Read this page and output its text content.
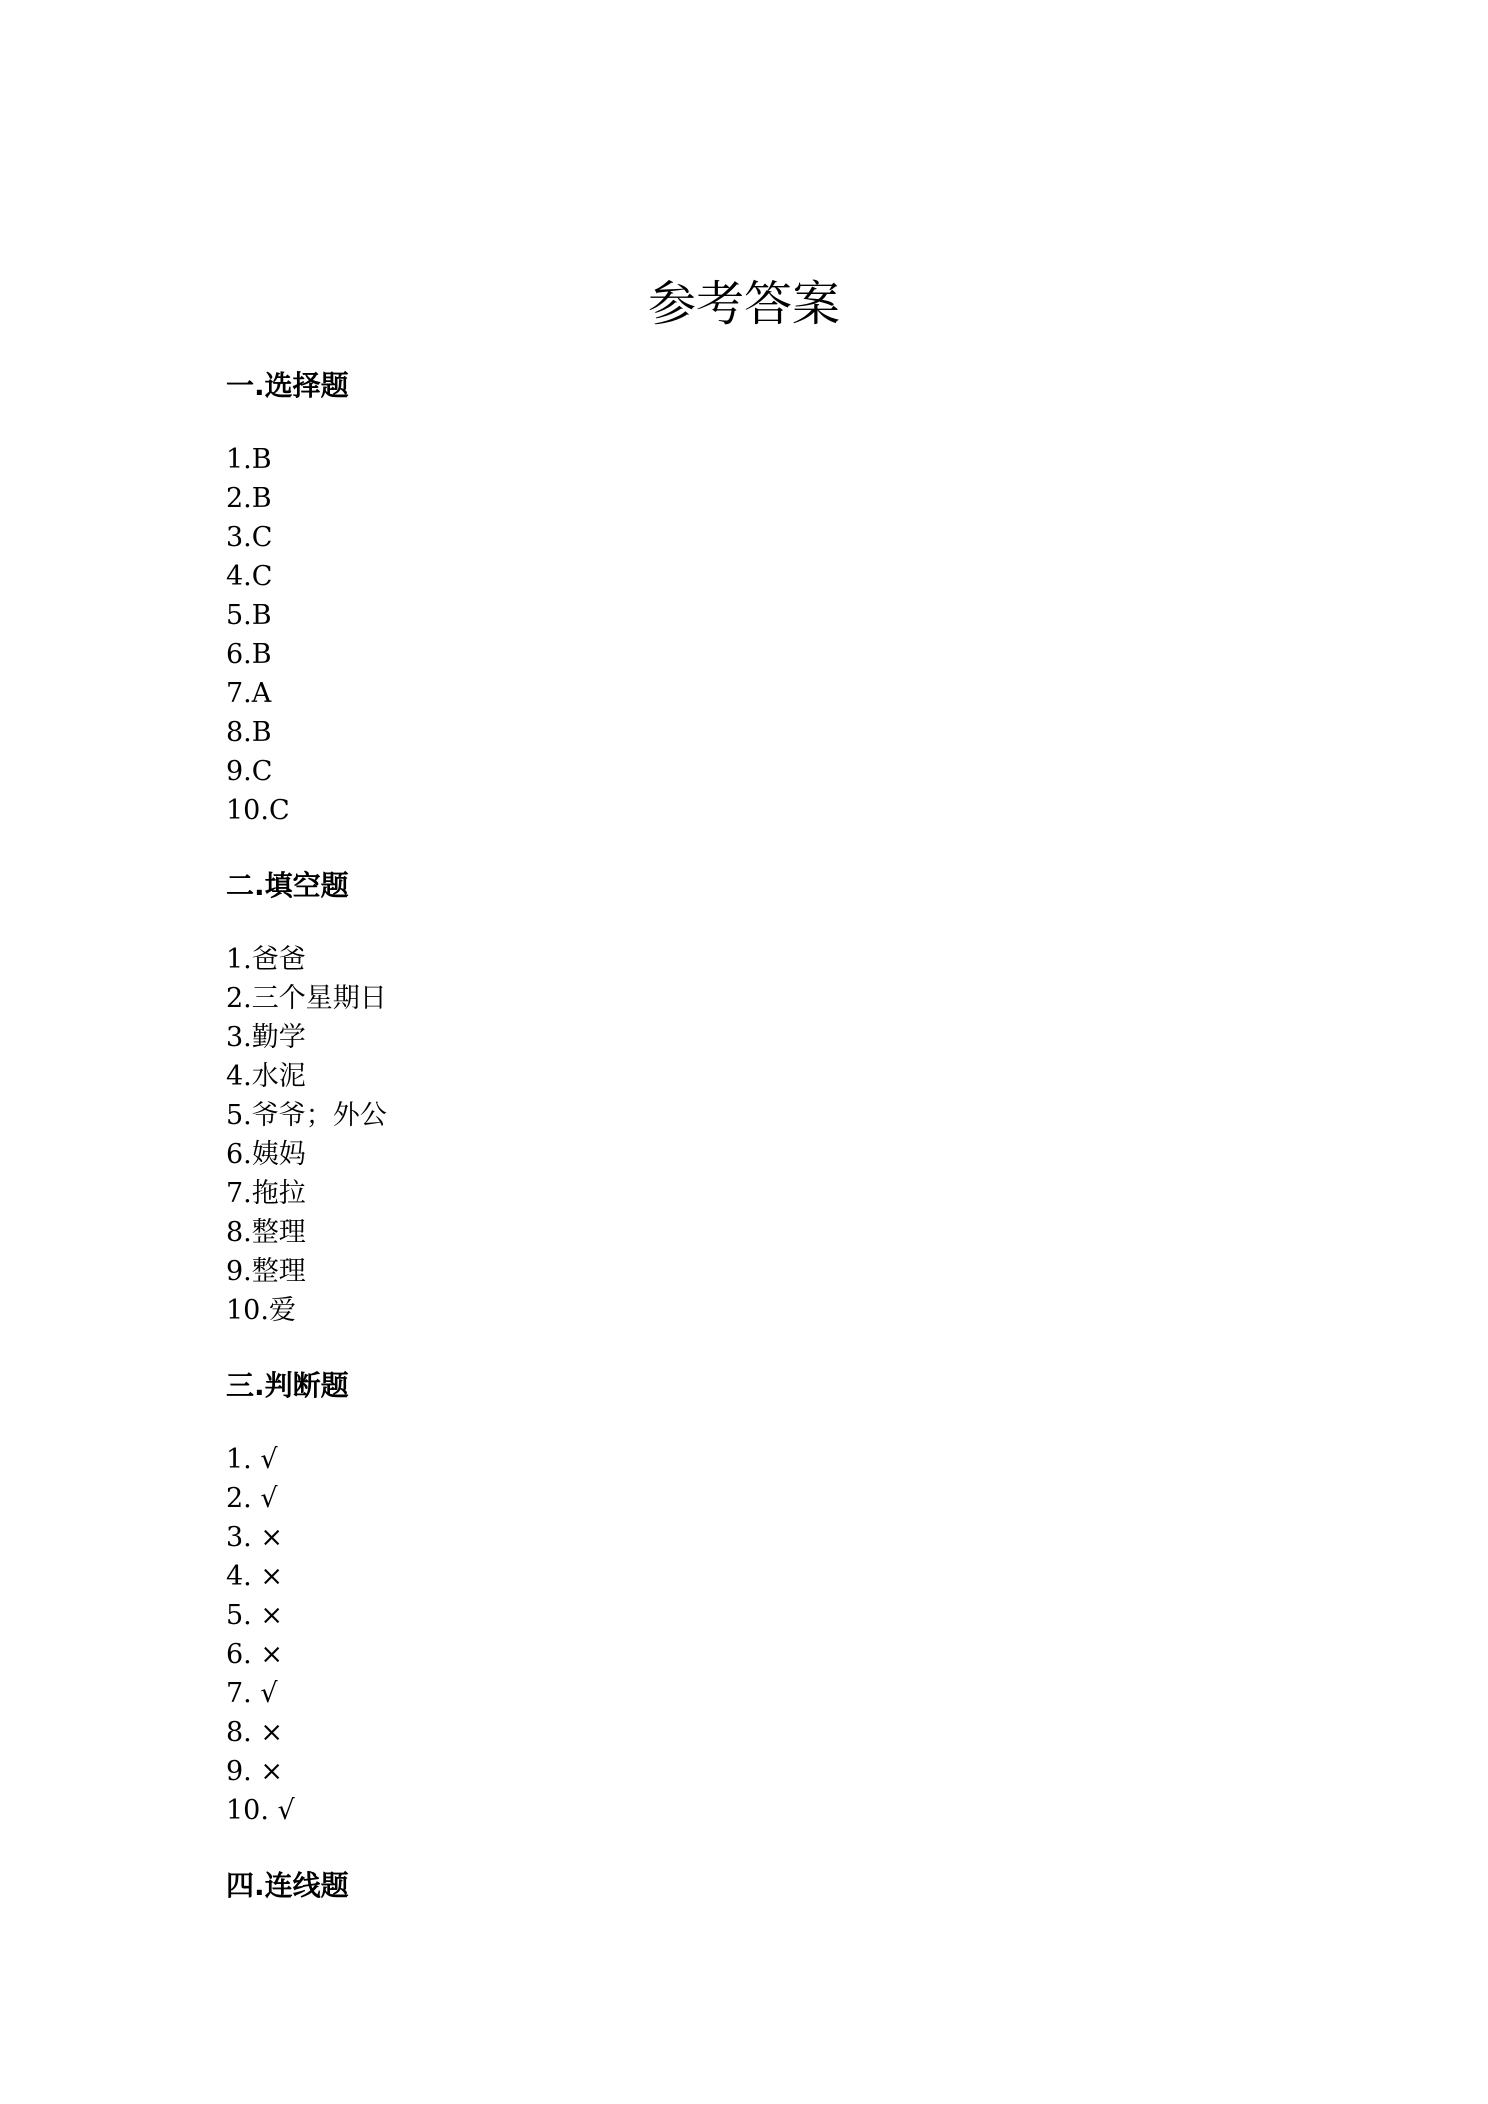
参考答案
一.选择题
1.B
2.B
3.C
4.C
5.B
6.B
7.A
8.B
9.C
10.C
二.填空题
1.爸爸
2.三个星期日
3.勤学
4.水泥
5.爷爷；外公
6.姨妈
7.拖拉
8.整理
9.整理
10.爱
三.判断题
1. √
2. √
3. ×
4. ×
5. ×
6. ×
7. √
8. ×
9. ×
10. √
四.连线题
